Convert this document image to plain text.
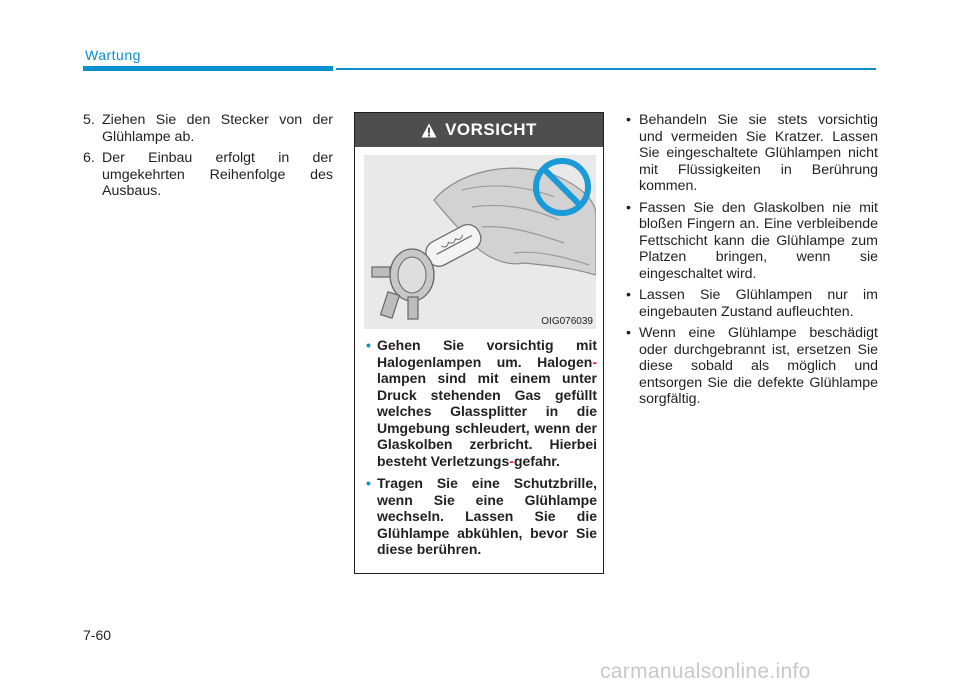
Wartung
5. Ziehen Sie den Stecker von der Glühlampe ab.
6. Der Einbau erfolgt in der umgekehrten Reihenfolge des Ausbaus.
VORSICHT
OIG076039
• Gehen Sie vorsichtig mit Halogenlampen um. Halogen-lampen sind mit einem unter Druck stehenden Gas gefüllt welches Glassplitter in die Umgebung schleudert, wenn der Glaskolben zerbricht. Hierbei besteht Verletzungs-gefahr.
• Tragen Sie eine Schutzbrille, wenn Sie eine Glühlampe wechseln. Lassen Sie die Glühlampe abkühlen, bevor Sie diese berühren.
• Behandeln Sie sie stets vorsichtig und vermeiden Sie Kratzer. Lassen Sie eingeschaltete Glühlampen nicht mit Flüssigkeiten in Berührung kommen.
• Fassen Sie den Glaskolben nie mit bloßen Fingern an. Eine verbleibende Fettschicht kann die Glühlampe zum Platzen bringen, wenn sie eingeschaltet wird.
• Lassen Sie Glühlampen nur im eingebauten Zustand aufleuchten.
• Wenn eine Glühlampe beschädigt oder durchgebrannt ist, ersetzen Sie diese sobald als möglich und entsorgen Sie die defekte Glühlampe sorgfältig.
7-60
carmanualsonline.info
